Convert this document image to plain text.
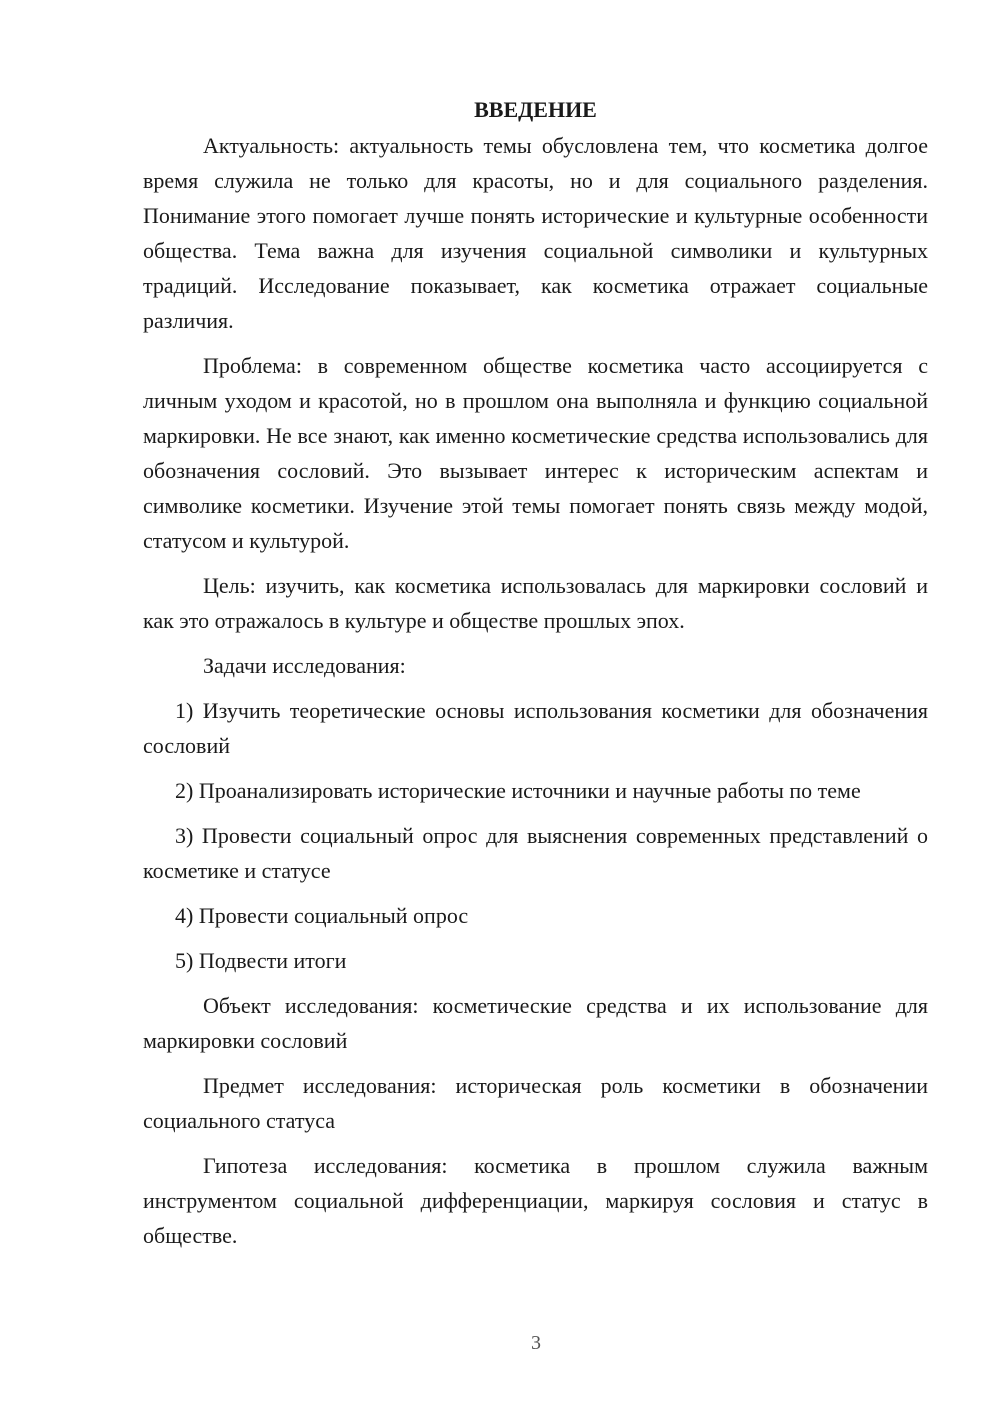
ВВЕДЕНИЕ

Актуальность: актуальность темы обусловлена тем, что косметика долгое время служила не только для красоты, но и для социального разделения. Понимание этого помогает лучше понять исторические и культурные особенности общества. Тема важна для изучения социальной символики и культурных традиций. Исследование показывает, как косметика отражает социальные различия.

Проблема: в современном обществе косметика часто ассоциируется с личным уходом и красотой, но в прошлом она выполняла и функцию социальной маркировки. Не все знают, как именно косметические средства использовались для обозначения сословий. Это вызывает интерес к историческим аспектам и символике косметики. Изучение этой темы помогает понять связь между модой, статусом и культурой.

Цель: изучить, как косметика использовалась для маркировки сословий и как это отражалось в культуре и обществе прошлых эпох.

Задачи исследования:

1) Изучить теоретические основы использования косметики для обозначения сословий

2) Проанализировать исторические источники и научные работы по теме

3) Провести социальный опрос для выяснения современных представлений о косметике и статусе

4) Провести социальный опрос

5) Подвести итоги

Объект исследования: косметические средства и их использование для маркировки сословий

Предмет исследования: историческая роль косметики в обозначении социального статуса

Гипотеза исследования: косметика в прошлом служила важным инструментом социальной дифференциации, маркируя сословия и статус в обществе.

3
